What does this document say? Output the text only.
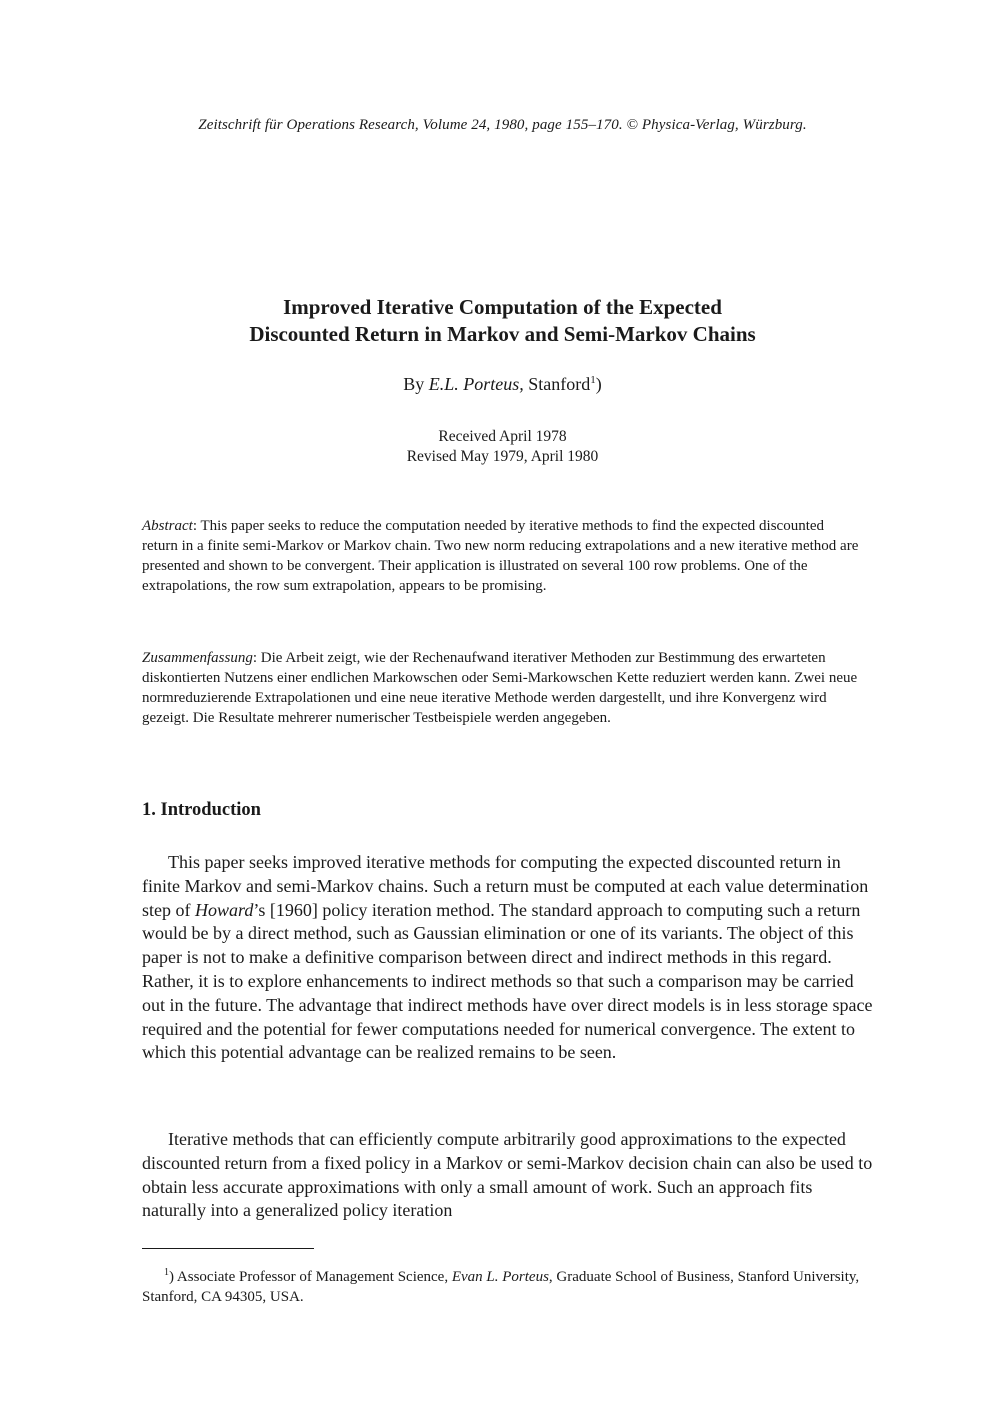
Zeitschrift für Operations Research, Volume 24, 1980, page 155–170. © Physica-Verlag, Würzburg.

Improved Iterative Computation of the Expected
Discounted Return in Markov and Semi-Markov Chains

By E.L. Porteus, Stanford$^1$)

Received April 1978
Revised May 1979, April 1980

Abstract: This paper seeks to reduce the computation needed by iterative methods to find the expected discounted return in a finite semi-Markov or Markov chain. Two new norm reducing extrapolations and a new iterative method are presented and shown to be convergent. Their application is illustrated on several 100 row problems. One of the extrapolations, the row sum extrapolation, appears to be promising.

Zusammenfassung: Die Arbeit zeigt, wie der Rechenaufwand iterativer Methoden zur Bestimmung des erwarteten diskontierten Nutzens einer endlichen Markowschen oder Semi-Markowschen Kette reduziert werden kann. Zwei neue normreduzierende Extrapolationen und eine neue iterative Methode werden dargestellt, und ihre Konvergenz wird gezeigt. Die Resultate mehrerer numerischer Testbeispiele werden angegeben.

1. Introduction

This paper seeks improved iterative methods for computing the expected discounted return in finite Markov and semi-Markov chains. Such a return must be computed at each value determination step of Howard’s [1960] policy iteration method. The standard approach to computing such a return would be by a direct method, such as Gaussian elimination or one of its variants. The object of this paper is not to make a definitive comparison between direct and indirect methods in this regard. Rather, it is to explore enhancements to indirect methods so that such a comparison may be carried out in the future. The advantage that indirect methods have over direct models is in less storage space required and the potential for fewer computations needed for numerical convergence. The extent to which this potential advantage can be realized remains to be seen.

Iterative methods that can efficiently compute arbitrarily good approximations to the expected discounted return from a fixed policy in a Markov or semi-Markov decision chain can also be used to obtain less accurate approximations with only a small amount of work. Such an approach fits naturally into a generalized policy iteration

$^1$) Associate Professor of Management Science, Evan L. Porteus, Graduate School of Business, Stanford University, Stanford, CA 94305, USA.
